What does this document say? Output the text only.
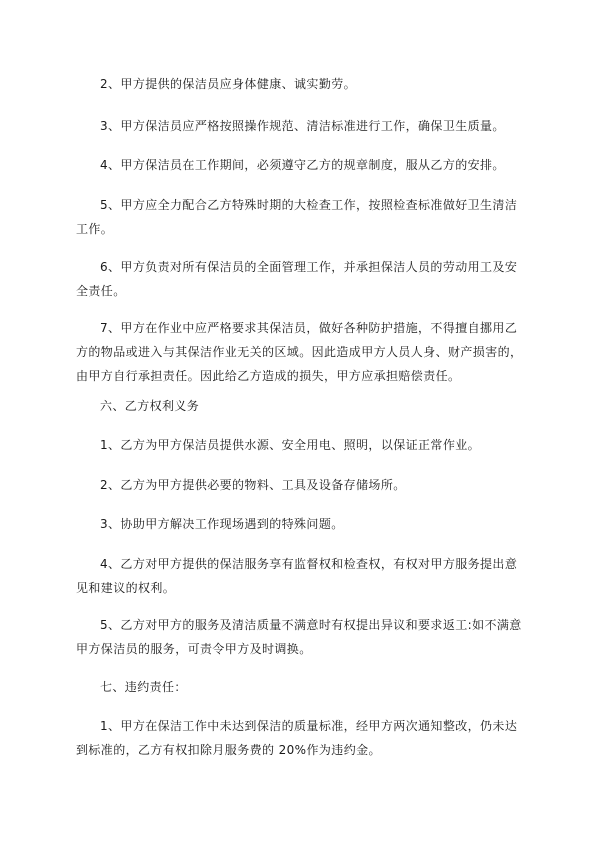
2、甲方提供的保洁员应身体健康、诚实勤劳。

3、甲方保洁员应严格按照操作规范、清洁标准进行工作，确保卫生质量。

4、甲方保洁员在工作期间，必须遵守乙方的规章制度，服从乙方的安排。

5、甲方应全力配合乙方特殊时期的大检查工作，按照检查标准做好卫生清洁工作。

6、甲方负责对所有保洁员的全面管理工作，并承担保洁人员的劳动用工及安全责任。

7、甲方在作业中应严格要求其保洁员，做好各种防护措施，不得擅自挪用乙方的物品或进入与其保洁作业无关的区域。因此造成甲方人员人身、财产损害的，由甲方自行承担责任。因此给乙方造成的损失，甲方应承担赔偿责任。

六、乙方权利义务

1、乙方为甲方保洁员提供水源、安全用电、照明，以保证正常作业。

2、乙方为甲方提供必要的物料、工具及设备存储场所。

3、协助甲方解决工作现场遇到的特殊问题。

4、乙方对甲方提供的保洁服务享有监督权和检查权，有权对甲方服务提出意见和建议的权利。

5、乙方对甲方的服务及清洁质量不满意时有权提出异议和要求返工:如不满意甲方保洁员的服务，可责令甲方及时调换。

七、违约责任：

1、甲方在保洁工作中未达到保洁的质量标准，经甲方两次通知整改，仍未达到标准的，乙方有权扣除月服务费的 20%作为违约金。
